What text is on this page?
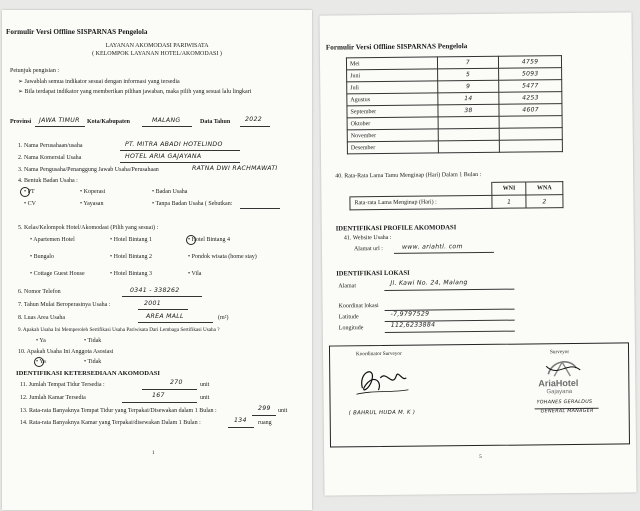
Formulir Versi Offline SISPARNAS Pengelola
LAYANAN AKOMODASI PARIWISATA
( KELOMPOK LAYANAN HOTEL/AKOMODASI )
Petunjuk pengisian :
➢ Jawablah semua indikator sesuai dengan informasi yang tersedia
➢ Bila terdapat indikator yang memberikan pilihan jawaban, maka pilih yang sesuai lalu lingkari
Provinsi JAWA TIMUR Kota/Kabupaten	MALANG	Data Tahun 2022
1. Nama Perusahaan/usaha	PT. MITRA ABADI HOTELINDO
2. Nama Komersial Usaha	HOTEL ARIA GAJAYANA
3. Nama Pengusaha/Penanggung Jawab Usaha/Perusahaan	RATNA DWI RACHMAWATI
4. Bentuk Badan Usaha :
• PT	• Koperasi	• Badan Usaha
• CV	• Yayasan	• Tanpa Badan Usaha ( Sebutkan:
5. Kelas/Kelompok Hotel/Akomodasi (Pilih yang sesuai) :
• Apartemen Hotel	• Hotel Bintang 1	• Hotel Bintang 4
• Bungalo	• Hotel Bintang 2	• Pondok wisata (home stay)
• Cottage Guest House	• Hotel Bintang 3	• Vila
6. Nomor Telefon	0341 - 338262
7. Tahun Mulai Beroperasinya Usaha :	2001
8. Luas Area Usaha	AREA MALL	(m²)
9. Apakah Usaha Ini Memperoleh Sertifikasi Usaha Pariwisata Dari Lembaga Sertifikasi Usaha ?
• Ya	• Tidak
10. Apakah Usaha Ini Anggota Asosiasi
• Ya	• Tidak
IDENTIFIKASI KETERSEDIAAN AKOMODASI
11. Jumlah Tempat Tidur Tersedia :	270	unit
12. Jumlah Kamar Tersedia	167	unit
13. Rata-rata Banyaknya Tempat Tidur yang Terpakai/Disewakan dalam 1 Bulan :	299 unit
14. Rata-rata Banyaknya Kamar yang Terpakai/disewakan Dalam 1 Bulan :	134 ruang
1
Formulir Versi Offline SISPARNAS Pengelola
Mei	7	4759
Juni	5	5093
Juli	9	5477
Agustus	14	4253
September	38	4607
Oktober		
November		
Desember		
40. Rata-Rata Lama Tamu Menginap (Hari) Dalam 1 Bulan :
	WNI	WNA
Rata-rata Lama Menginap (Hari) :	1	2
IDENTIFIKASI PROFILE AKOMODASI
41. Website Usaha :
Alamat url :	www. ariahtl. com
IDENTIFIKASI LOKASI
Alamat	Jl. Kawi No. 24, Malang
Koordinat lokasi
Latitude	-7,9797529
Longitude	112,6233884
Koordinator Surveyor
( BAHRUL HUDA M. K )
Surveyor
AriaHotel
Gajayana
YOHANES GERALDUS
GENERAL MANAGER
5
